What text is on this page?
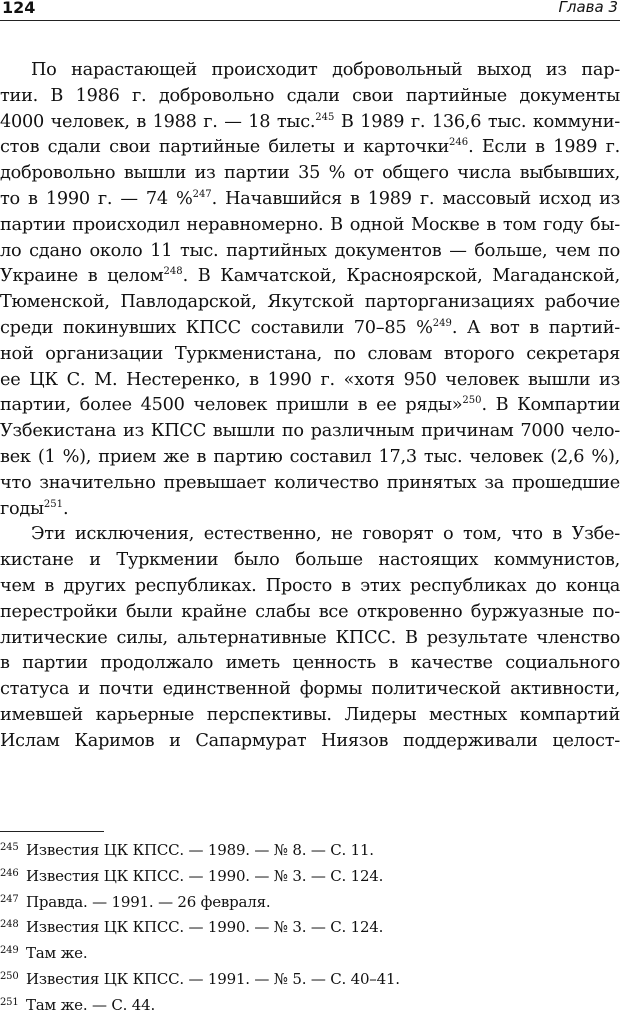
124	Глава 3
По нарастающей происходит добровольный выход из пар-
тии. В 1986 г. добровольно сдали свои партийные документы
4000 человек, в 1988 г. — 18 тыс.$^{245}$ В 1989 г. 136,6 тыс. коммуни-
стов сдали свои партийные билеты и карточки$^{246}$. Если в 1989 г.
добровольно вышли из партии 35 % от общего числа выбывших,
то в 1990 г. — 74 %$^{247}$. Начавшийся в 1989 г. массовый исход из
партии происходил неравномерно. В одной Москве в том году бы-
ло сдано около 11 тыс. партийных документов — больше, чем по
Украине в целом$^{248}$. В Камчатской, Красноярской, Магаданской,
Тюменской, Павлодарской, Якутской парторганизациях рабочие
среди покинувших КПСС составили 70–85 %$^{249}$. А вот в партий-
ной организации Туркменистана, по словам второго секретаря
ее ЦК С. М. Нестеренко, в 1990 г. «хотя 950 человек вышли из
партии, более 4500 человек пришли в ее ряды»$^{250}$. В Компартии
Узбекистана из КПСС вышли по различным причинам 7000 чело-
век (1 %), прием же в партию составил 17,3 тыс. человек (2,6 %),
что значительно превышает количество принятых за прошедшие
годы$^{251}$.
Эти исключения, естественно, не говорят о том, что в Узбе-
кистане и Туркмении было больше настоящих коммунистов,
чем в других республиках. Просто в этих республиках до конца
перестройки были крайне слабы все откровенно буржуазные по-
литические силы, альтернативные КПСС. В результате членство
в партии продолжало иметь ценность в качестве социального
статуса и почти единственной формы политической активности,
имевшей карьерные перспективы. Лидеры местных компартий
Ислам Каримов и Сапармурат Ниязов поддерживали целост-
245 Известия ЦК КПСС. — 1989. — № 8. — С. 11.
246 Известия ЦК КПСС. — 1990. — № 3. — С. 124.
247 Правда. — 1991. — 26 февраля.
248 Известия ЦК КПСС. — 1990. — № 3. — С. 124.
249 Там же.
250 Известия ЦК КПСС. — 1991. — № 5. — С. 40–41.
251 Там же. — С. 44.
